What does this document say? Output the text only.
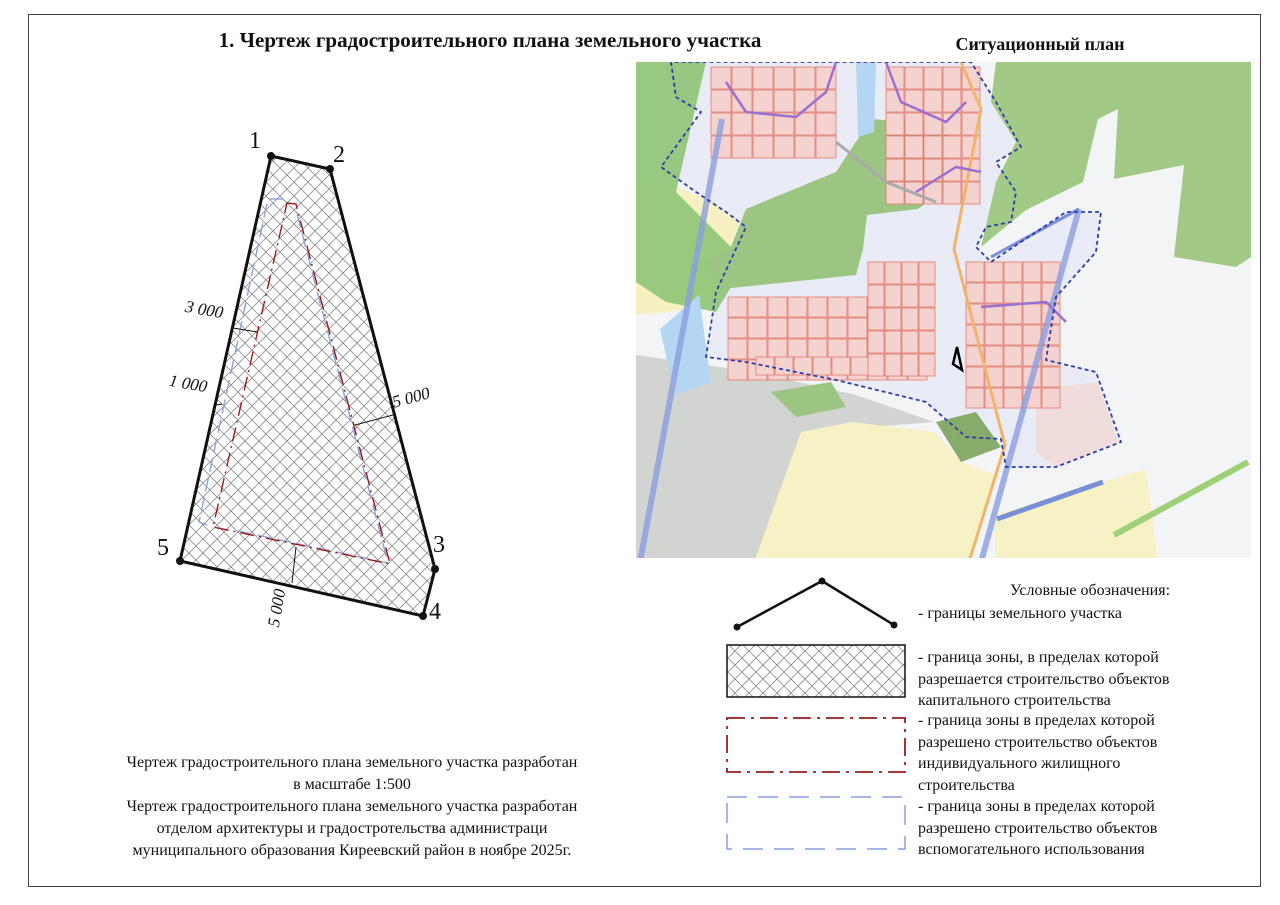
1. Чертеж градостроительного плана земельного участка	Ситуационный план
1
2
3
4
5
3 000
1 000	5 000
5 000
Чертеж градостроительного плана земельного участка разработан
в масштабе 1:500
Чертеж градостроительного плана земельного участка разработан
отделом архитектуры и градостротельства администраци
муниципального образования Киреевский район в ноябре 2025г.
Условные обозначения:
- границы земельного участка
- граница зоны, в пределах которой
разрешается строительство объектов
капитального строительства
- граница зоны в пределах которой
разрешено строительство объектов
индивидуального жилищного
строительства
- граница зоны в пределах которой
разрешено строительство объектов
вспомогательного использования
